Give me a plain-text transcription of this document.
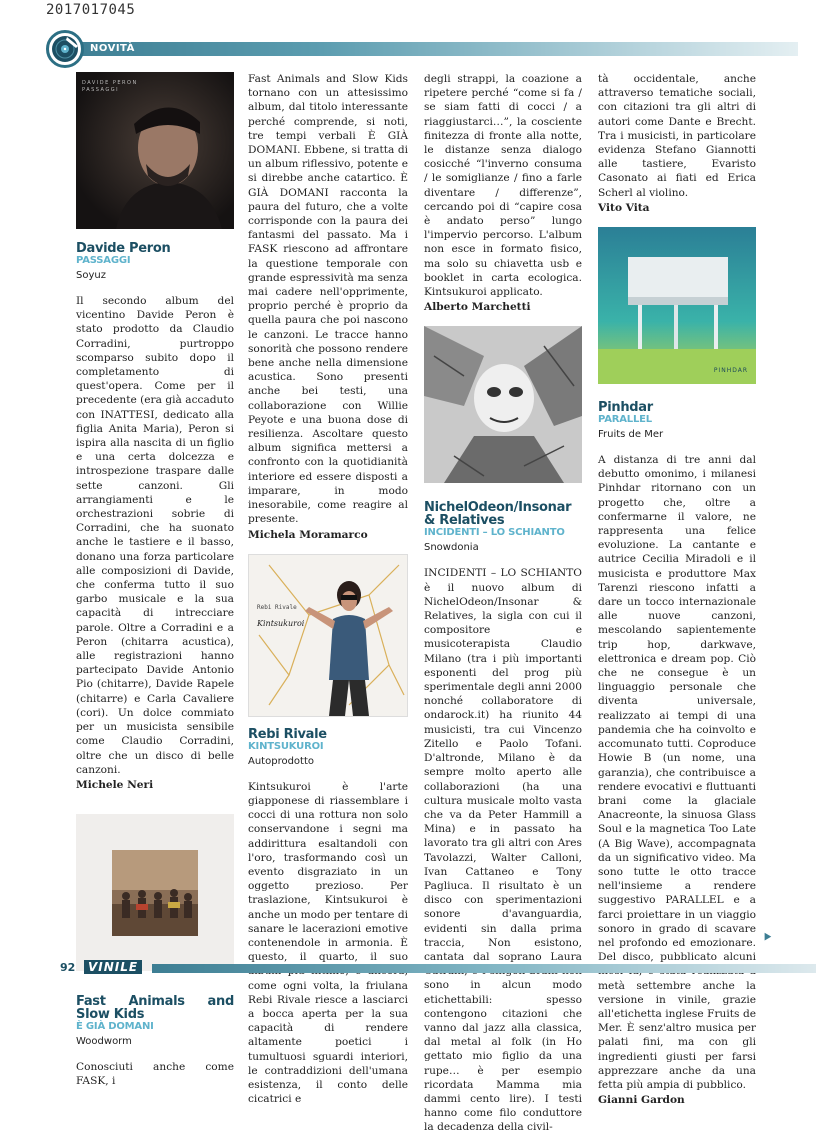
2017017045
NOVITÀ
DAVIDE PERON
PASSAGGI
Davide Peron
PASSAGGI
Soyuz

Il secondo album del vicentino Davide Peron è stato prodotto da Claudio Corradini, purtroppo scomparso subito dopo il completamento di quest'opera. Come per il precedente (era già accaduto con INATTESI, dedicato alla figlia Anita Maria), Peron si ispira alla nascita di un figlio e una certa dolcezza e introspezione traspare dalle sette canzoni. Gli arrangiamenti e le orchestrazioni sobrie di Corradini, che ha suonato anche le tastiere e il basso, donano una forza particolare alle composizioni di Davide, che conferma tutto il suo garbo musicale e la sua capacità di intrecciare parole. Oltre a Corradini e a Peron (chitarra acustica), alle registrazioni hanno partecipato Davide Antonio Pio (chitarre), Davide Rapele (chitarre) e Carla Cavaliere (cori). Un dolce commiato per un musicista sensibile come Claudio Corradini, oltre che un disco di belle canzoni.

Michele Neri
Fast Animals and Slow Kids
È GIÀ DOMANI
Woodworm

Conosciuti anche come FASK, i

Fast Animals and Slow Kids tornano con un attesissimo album, dal titolo interessante perché comprende, si noti, tre tempi verbali È GIÀ DOMANI. Ebbene, si tratta di un album riflessivo, potente e si direbbe anche catartico. È GIÀ DOMANI racconta la paura del futuro, che a volte corrisponde con la paura dei fantasmi del passato. Ma i FASK riescono ad affrontare la questione temporale con grande espressività ma senza mai cadere nell'opprimente, proprio perché è proprio da quella paura che poi nascono le canzoni. Le tracce hanno sonorità che possono rendere bene anche nella dimensione acustica. Sono presenti anche bei testi, una collaborazione con Willie Peyote e una buona dose di resilienza. Ascoltare questo album significa mettersi a confronto con la quotidianità interiore ed essere disposti a imparare, in modo inesorabile, come reagire al presente.

Michela Moramarco
Rebi Rivale
Kintsukuroi
Rebi Rivale
KINTSUKUROI
Autoprodotto

Kintsukuroi è l'arte giapponese di riassemblare i cocci di una rottura non solo conservandone i segni ma addirittura esaltandoli con l'oro, trasformando così un evento disgraziato in un oggetto prezioso. Per traslazione, Kintsukuroi è anche un modo per tentare di sanare le lacerazioni emotive contenendole in armonia. È questo, il quarto, il suo come ogni volta, la friulana Rebi Rivale riesce a lasciarci a bocca aperta per la sua capacità di rendere altamente poetici i tumultuosi sguardi interiori, le contraddizioni dell'umana esistenza, il conto delle cicatrici e

degli strappi, la coazione a ripetere perché “come si fa / se siam fatti di cocci / a riaggiustarci…”, la cosciente finitezza di fronte alla notte, le distanze senza dialogo cosicché “l'inverno consuma / le somiglianze / fino a farle diventare / differenze”, cercando poi di “capire cosa è andato perso” lungo l'impervio percorso. L'album non esce in formato fisico, ma solo su chiavetta usb e booklet in carta ecologica. Kintsukuroi applicato.

Alberto Marchetti
NichelOdeon/Insonar & Relatives
INCIDENTI – LO SCHIANTO
Snowdonia

INCIDENTI – LO SCHIANTO è il nuovo album di NichelOdeon/Insonar & Relatives, la sigla con cui il compositore e musicoterapista Claudio Milano (tra i più importanti esponenti del prog più sperimentale degli anni 2000 nonché collaboratore di ondarock.it) ha riunito 44 musicisti, tra cui Vincenzo Zitello e Paolo Tofani. D'altronde, Milano è da sempre molto aperto alle collaborazioni (ha una cultura musicale molto vasta che va da Peter Hammill a Mina) e in passato ha lavorato tra gli altri con Ares Tavolazzi, Walter Calloni, Ivan Cattaneo e Tony Pagliuca. Il risultato è un disco con sperimentazioni sonore d'avanguardia, evidenti sin dalla prima traccia, Non esistono, cantata dal soprano Laura sono in alcun modo etichettabili: spesso contengono citazioni che vanno dal jazz alla classica, dal metal al folk (in Ho gettato mio figlio da una rupe… è per esempio ricordata Mamma mia dammi cento lire). I testi hanno come filo conduttore la decadenza della civil-

tà occidentale, anche attraverso tematiche sociali, con citazioni tra gli altri di autori come Dante e Brecht. Tra i musicisti, in particolare evidenza Stefano Giannotti alle tastiere, Evaristo Casonato ai fiati ed Erica Scherl al violino.

Vito Vita
PINHDAR
Pinhdar
PARALLEL
Fruits de Mer

A distanza di tre anni dal debutto omonimo, i milanesi Pinhdar ritornano con un progetto che, oltre a confermarne il valore, ne rappresenta una felice evoluzione. La cantante e autrice Cecilia Miradoli e il musicista e produttore Max Tarenzi riescono infatti a dare un tocco internazionale alle nuove canzoni, mescolando sapientemente trip hop, darkwave, elettronica e dream pop. Ciò che ne consegue è un linguaggio personale che diventa universale, realizzato ai tempi di una pandemia che ha coinvolto e accomunato tutti. Coproduce Howie B (un nome, una garanzia), che contribuisce a rendere evocativi e fluttuanti brani come la glaciale Anacreonte, la sinuosa Glass Soul e la magnetica Too Late (A Big Wave), accompagnata da un significativo video. Ma sono tutte le otto tracce nell'insieme a rendere suggestivo PARALLEL e a farci proiettare in un viaggio sonoro in grado di scavare nel profondo ed emozionare. Del disco, pubblicato alcuni metà settembre anche la versione in vinile, grazie all'etichetta inglese Fruits de Mer. È senz'altro musica per palati fini, ma con gli ingredienti giusti per farsi apprezzare anche da una fetta più ampia di pubblico.

Gianni Gardon
⯈
92	VINILE
